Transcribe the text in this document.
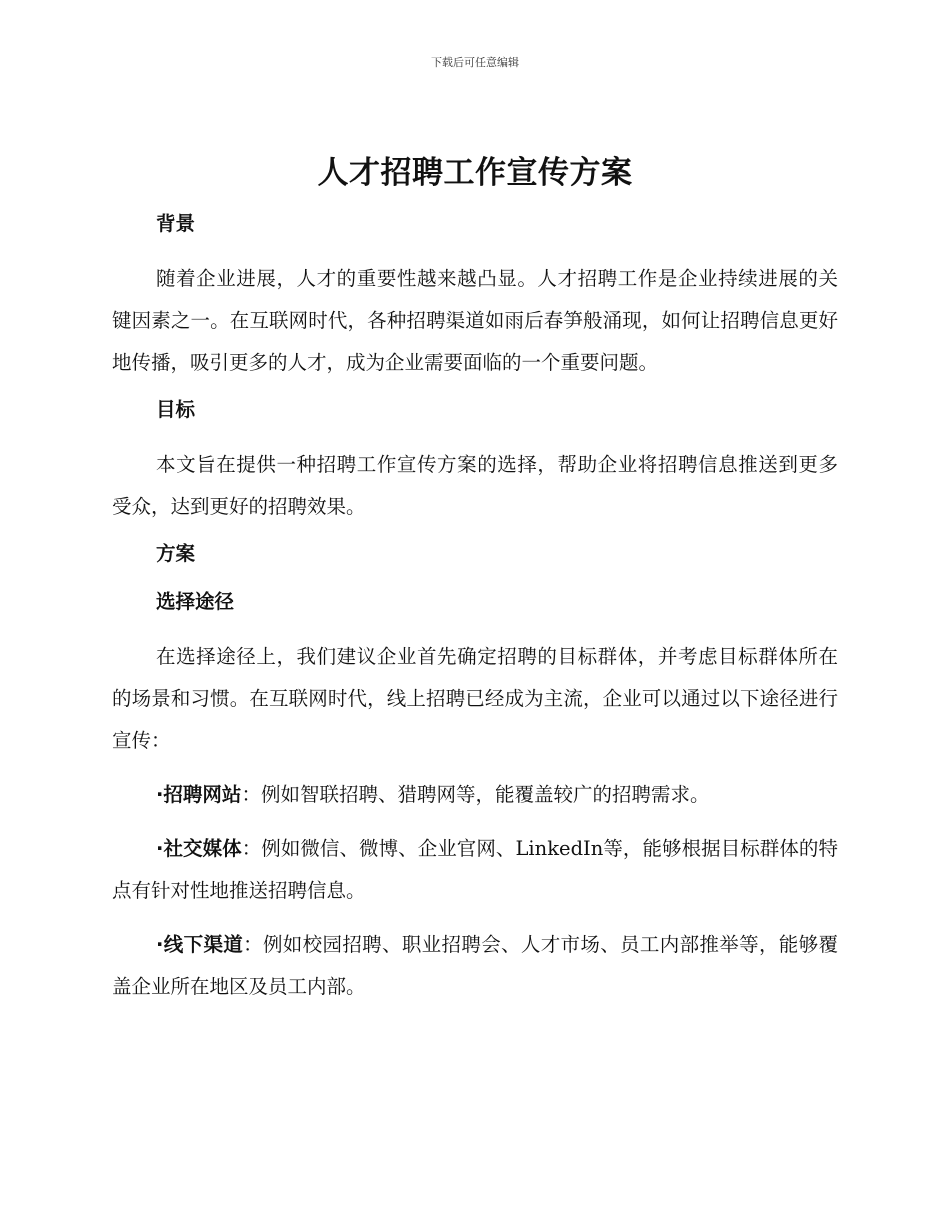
下载后可任意编辑
人才招聘工作宣传方案
背景

随着企业进展，人才的重要性越来越凸显。人才招聘工作是企业持续进展的关键因素之一。在互联网时代，各种招聘渠道如雨后春笋般涌现，如何让招聘信息更好地传播，吸引更多的人才，成为企业需要面临的一个重要问题。

目标

本文旨在提供一种招聘工作宣传方案的选择，帮助企业将招聘信息推送到更多受众，达到更好的招聘效果。

方案
选择途径

在选择途径上，我们建议企业首先确定招聘的目标群体，并考虑目标群体所在的场景和习惯。在互联网时代，线上招聘已经成为主流，企业可以通过以下途径进行宣传：

·招聘网站：例如智联招聘、猎聘网等，能覆盖较广的招聘需求。

·社交媒体：例如微信、微博、企业官网、LinkedIn等，能够根据目标群体的特点有针对性地推送招聘信息。

·线下渠道：例如校园招聘、职业招聘会、人才市场、员工内部推举等，能够覆盖企业所在地区及员工内部。
